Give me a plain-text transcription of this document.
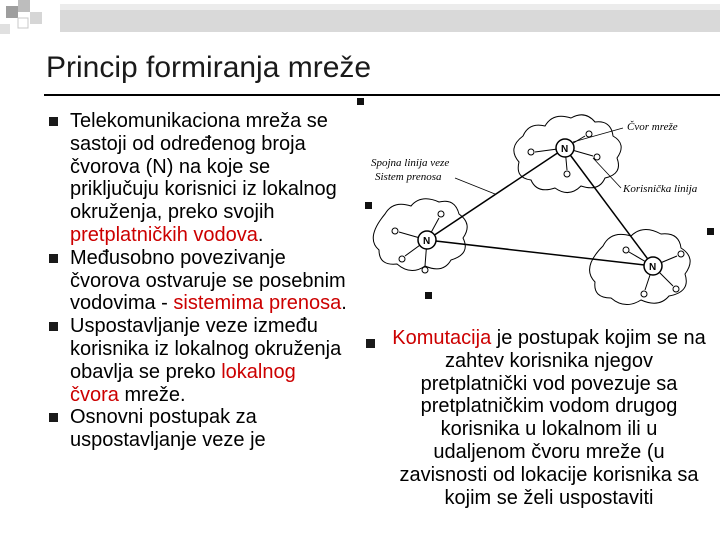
Princip formiranja mreže
Telekomunikaciona mreža se sastoji od određenog broja čvorova (N) na koje se priključuju korisnici iz lokalnog okruženja, preko svojih pretplatničkih vodova.
Međusobno povezivanje čvorova ostvaruje se posebnim vodovima - sistemima prenosa.
Uspostavljanje veze između korisnika iz lokalnog okruženja obavlja se preko lokalnog čvora mreže.
Osnovni postupak za uspostavljanje veze je
N
N
N
Čvor mreže
Spojna linija veze
Sistem prenosa
Korisnička linija
Komutacija je postupak kojim se na zahtev korisnika njegov pretplatnički vod povezuje sa pretplatničkim vodom drugog korisnika u lokalnom ili u udaljenom čvoru mreže (u zavisnosti od lokacije korisnika sa kojim se želi uspostaviti
